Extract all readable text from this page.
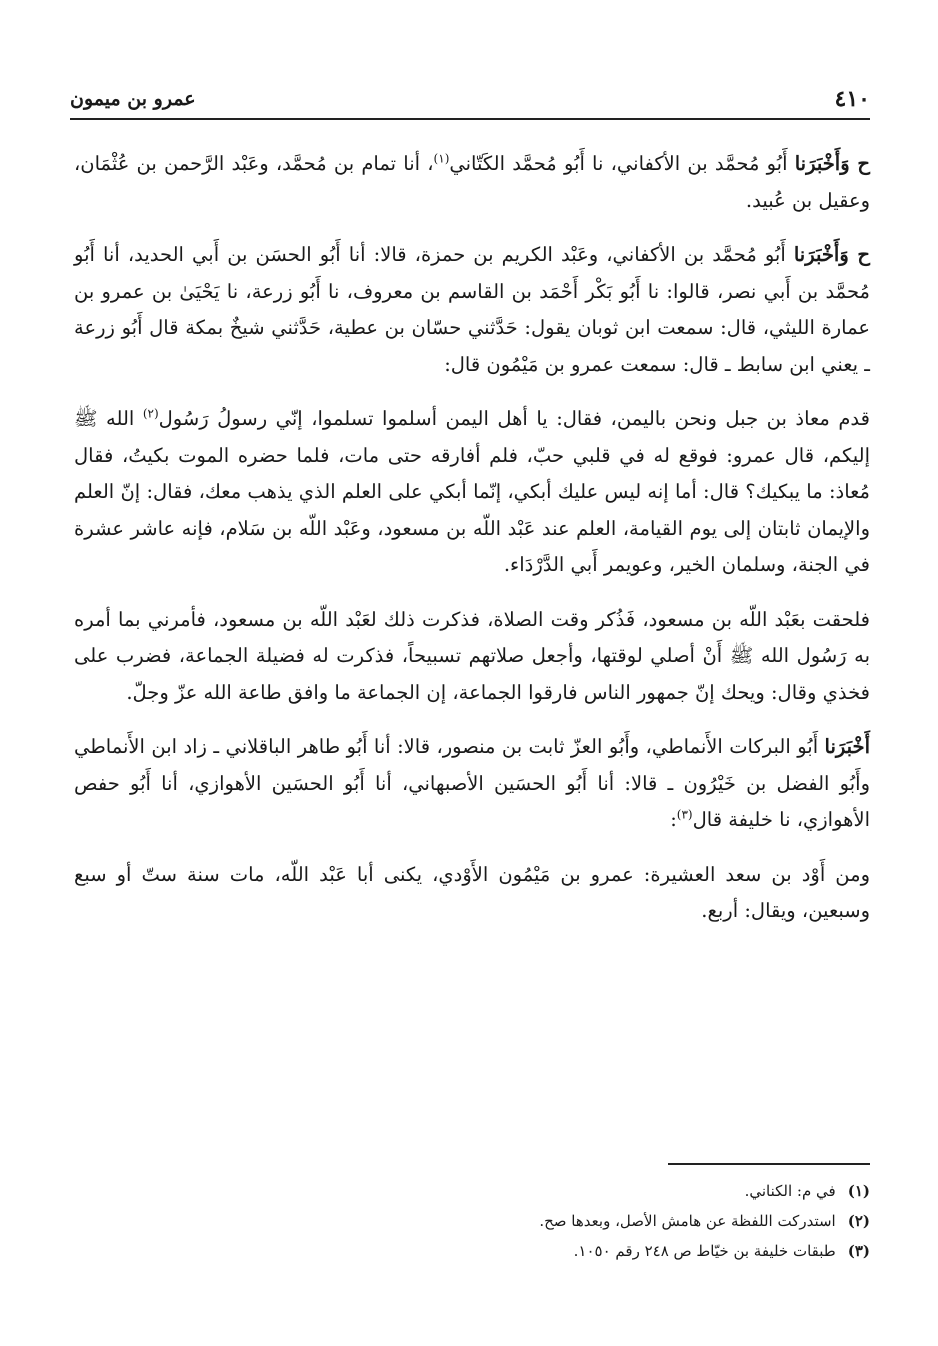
٤١٠
عمرو بن ميمون

ح وَأَخْبَرَنا أَبُو مُحمَّد بن الأكفاني، نا أَبُو مُحمَّد الكَتّاني$^{(١)}$، أنا تمام بن مُحمَّد، وعَبْد الرَّحمن بن عُثْمَان، وعقيل بن عُبيد.

ح وَأَخْبَرَنا أَبُو مُحمَّد بن الأكفاني، وعَبْد الكريم بن حمزة، قالا: أنا أَبُو الحسَن بن أَبي الحديد، أنا أَبُو مُحمَّد بن أَبي نصر، قالوا: نا أَبُو بَكْر أَحْمَد بن القاسم بن معروف، نا أَبُو زرعة، نا يَحْيَىٰ بن عمرو بن عمارة الليثي، قال: سمعت ابن ثوبان يقول: حَدَّثني حسّان بن عطية، حَدَّثني شيخٌ بمكة قال أَبُو زرعة ـ يعني ابن سابط ـ قال: سمعت عمرو بن مَيْمُون قال:

قدم معاذ بن جبل ونحن باليمن، فقال: يا أهل اليمن أسلموا تسلموا، إنّي رسولُ رَسُول$^{(٢)}$ الله ﷺ إليكم، قال عمرو: فوقع له في قلبي حبّ، فلم أفارقه حتى مات، فلما حضره الموت بكيتُ، فقال مُعاذ: ما يبكيك؟ قال: أما إنه ليس عليك أبكي، إنّما أبكي على العلم الذي يذهب معك، فقال: إنّ العلم والإيمان ثابتان إلى يوم القيامة، العلم عند عَبْد اللّه بن مسعود، وعَبْد اللّه بن سَلام، فإنه عاشر عشرة في الجنة، وسلمان الخير، وعويمر أَبي الدَّرْدَاء.

فلحقت بعَبْد اللّه بن مسعود، فَذُكر وقت الصلاة، فذكرت ذلك لعَبْد اللّه بن مسعود، فأمرني بما أمره به رَسُول الله ﷺ أَنْ أصلي لوقتها، وأجعل صلاتهم تسبيحاً، فذكرت له فضيلة الجماعة، فضرب على فخذي وقال: ويحك إنّ جمهور الناس فارقوا الجماعة، إن الجماعة ما وافق طاعة الله عزّ وجلّ.

أَخْبَرَنا أَبُو البركات الأَنماطي، وأَبُو العزّ ثابت بن منصور، قالا: أنا أَبُو طاهر الباقلاني ـ زاد ابن الأَنماطي وأَبُو الفضل بن خَيْرُون ـ قالا: أنا أَبُو الحسَين الأصبهاني، أنا أَبُو الحسَين الأهوازي، أنا أَبُو حفص الأهوازي، نا خليفة قال$^{(٣)}$:

ومن أَوْد بن سعد العشيرة: عمرو بن مَيْمُون الأَوْدي، يكنى أبا عَبْد اللّه، مات سنة ستّ أو سبع وسبعين، ويقال: أربع.

(١)في م: الكناني.
(٢)استدركت اللفظة عن هامش الأصل، وبعدها صح.
(٣)طبقات خليفة بن خيّاط ص ٢٤٨ رقم ١٠٥٠.
